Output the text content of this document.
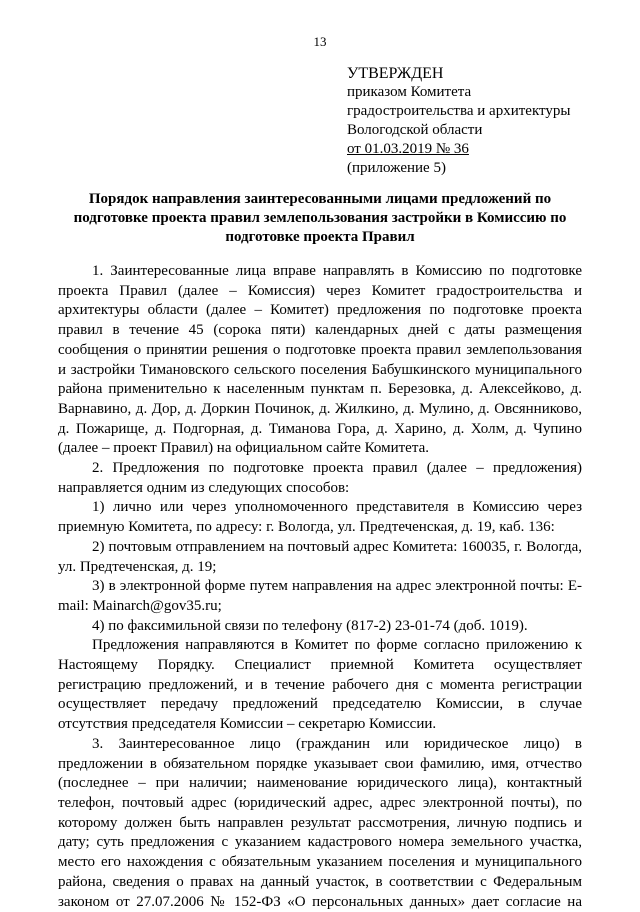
13
УТВЕРЖДЕН
приказом Комитета
градостроительства и архитектуры
Вологодской области
от 01.03.2019 № 36
(приложение 5)
Порядок направления заинтересованными лицами предложений по подготовке проекта правил землепользования застройки в Комиссию по подготовке проекта Правил

1. Заинтересованные лица вправе направлять в Комиссию по подготовке проекта Правил (далее – Комиссия) через Комитет градостроительства и архитектуры области (далее – Комитет) предложения по подготовке проекта правил в течение 45 (сорока пяти) календарных дней с даты размещения сообщения о принятии решения о подготовке проекта правил землепользования и застройки Тимановского сельского поселения Бабушкинского муниципального района применительно к населенным пунктам п. Березовка, д. Алексейково, д. Варнавино, д. Дор, д. Доркин Починок, д. Жилкино, д. Мулино, д. Овсянниково, д. Пожарище, д. Подгорная, д. Тиманова Гора, д. Харино, д. Холм, д. Чупино (далее – проект Правил) на официальном сайте Комитета.

2. Предложения по подготовке проекта правил (далее – предложения) направляется одним из следующих способов:

1) лично или через уполномоченного представителя в Комиссию через приемную Комитета, по адресу: г. Вологда, ул. Предтеченская, д. 19, каб. 136:

2) почтовым отправлением на почтовый адрес Комитета: 160035, г. Вологда, ул. Предтеченская, д. 19;

3) в электронной форме путем направления на адрес электронной почты: E-mail: Mainarch@gov35.ru;

4) по факсимильной связи по телефону (817-2) 23-01-74 (доб. 1019).

Предложения направляются в Комитет по форме согласно приложению к Настоящему Порядку. Специалист приемной Комитета осуществляет регистрацию предложений, и в течение рабочего дня с момента регистрации осуществляет передачу предложений председателю Комиссии, в случае отсутствия председателя Комиссии – секретарю Комиссии.

3. Заинтересованное лицо (гражданин или юридическое лицо) в предложении в обязательном порядке указывает свои фамилию, имя, отчество (последнее – при наличии; наименование юридического лица), контактный телефон, почтовый адрес (юридический адрес, адрес электронной почты), по которому должен быть направлен результат рассмотрения, личную подпись и дату; суть предложения с указанием кадастрового номера земельного участка, место его нахождения с обязательным указанием поселения и муниципального района, сведения о правах на данный участок, в соответствии с Федеральным законом от 27.07.2006 № 152-ФЗ «О персональных данных» дает согласие на
